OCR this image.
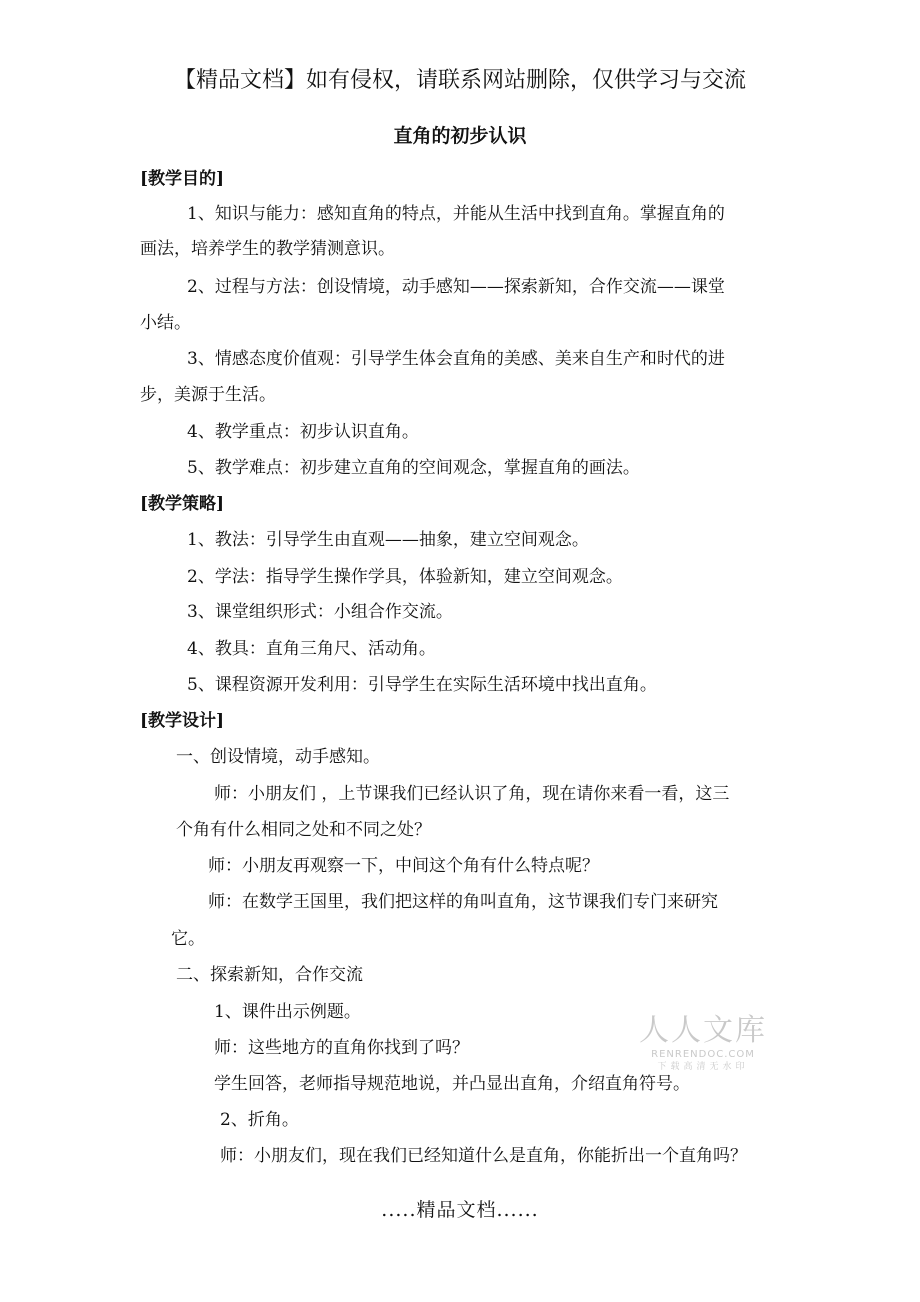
【精品文档】如有侵权，请联系网站删除，仅供学习与交流
直角的初步认识
[教学目的]
1、知识与能力：感知直角的特点，并能从生活中找到直角。掌握直角的
画法，培养学生的教学猜测意识。
2、过程与方法：创设情境，动手感知——探索新知，合作交流——课堂
小结。
3、情感态度价值观：引导学生体会直角的美感、美来自生产和时代的进
步，美源于生活。
4、教学重点：初步认识直角。
5、教学难点：初步建立直角的空间观念，掌握直角的画法。
[教学策略]
1、教法：引导学生由直观——抽象，建立空间观念。
2、学法：指导学生操作学具，体验新知，建立空间观念。
3、课堂组织形式：小组合作交流。
4、教具：直角三角尺、活动角。
5、课程资源开发利用：引导学生在实际生活环境中找出直角。
[教学设计]
一、创设情境，动手感知。
师：小朋友们 ，上节课我们已经认识了角，现在请你来看一看，这三
个角有什么相同之处和不同之处？
师：小朋友再观察一下，中间这个角有什么特点呢？
师：在数学王国里，我们把这样的角叫直角，这节课我们专门来研究
它。
二、探索新知，合作交流
1、课件出示例题。
师：这些地方的直角你找到了吗？
学生回答，老师指导规范地说，并凸显出直角，介绍直角符号。
2、折角。
师：小朋友们，现在我们已经知道什么是直角，你能折出一个直角吗？
人人文库
RENRENDOC.COM
下载高清无水印
.....精品文档......
